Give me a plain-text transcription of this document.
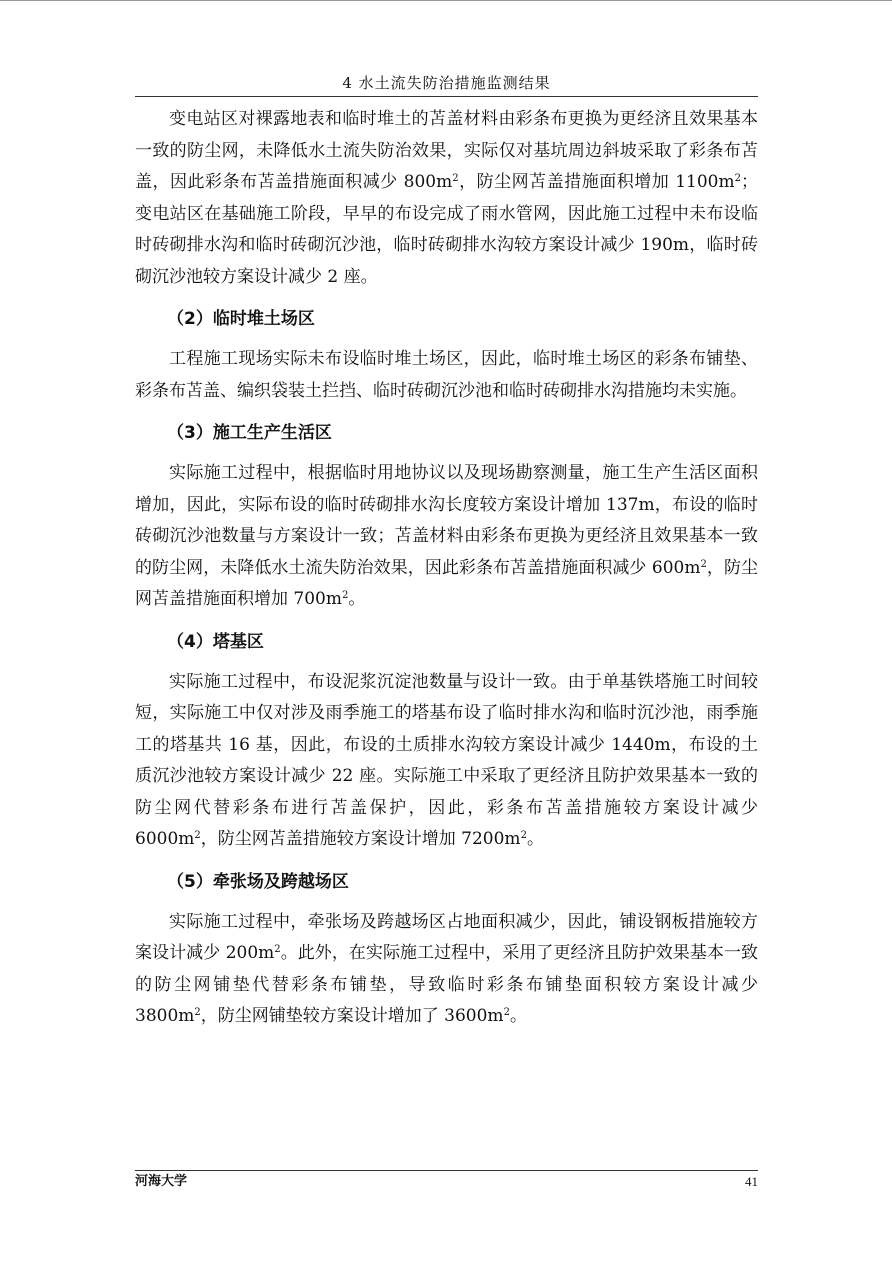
4 水土流失防治措施监测结果

变电站区对裸露地表和临时堆土的苫盖材料由彩条布更换为更经济且效果基本一致的防尘网，未降低水土流失防治效果，实际仅对基坑周边斜坡采取了彩条布苫盖，因此彩条布苫盖措施面积减少 $800m^2$，防尘网苫盖措施面积增加 $1100m^2$；变电站区在基础施工阶段，早早的布设完成了雨水管网，因此施工过程中未布设临时砖砌排水沟和临时砖砌沉沙池，临时砖砌排水沟较方案设计减少 190m，临时砖砌沉沙池较方案设计减少 2 座。

（2）临时堆土场区

工程施工现场实际未布设临时堆土场区，因此，临时堆土场区的彩条布铺垫、彩条布苫盖、编织袋装土拦挡、临时砖砌沉沙池和临时砖砌排水沟措施均未实施。

（3）施工生产生活区

实际施工过程中，根据临时用地协议以及现场勘察测量，施工生产生活区面积增加，因此，实际布设的临时砖砌排水沟长度较方案设计增加 137m，布设的临时砖砌沉沙池数量与方案设计一致；苫盖材料由彩条布更换为更经济且效果基本一致的防尘网，未降低水土流失防治效果，因此彩条布苫盖措施面积减少 $600m^2$，防尘网苫盖措施面积增加 $700m^2$。

（4）塔基区

实际施工过程中，布设泥浆沉淀池数量与设计一致。由于单基铁塔施工时间较短，实际施工中仅对涉及雨季施工的塔基布设了临时排水沟和临时沉沙池，雨季施工的塔基共 16 基，因此，布设的土质排水沟较方案设计减少 1440m，布设的土质沉沙池较方案设计减少 22 座。实际施工中采取了更经济且防护效果基本一致的防尘网代替彩条布进行苫盖保护，因此，彩条布苫盖措施较方案设计减少 $6000m^2$，防尘网苫盖措施较方案设计增加 $7200m^2$。

（5）牵张场及跨越场区

实际施工过程中，牵张场及跨越场区占地面积减少，因此，铺设钢板措施较方案设计减少 $200m^2$。此外，在实际施工过程中，采用了更经济且防护效果基本一致的防尘网铺垫代替彩条布铺垫，导致临时彩条布铺垫面积较方案设计减少 $3800m^2$，防尘网铺垫较方案设计增加了 $3600m^2$。

河海大学	41
